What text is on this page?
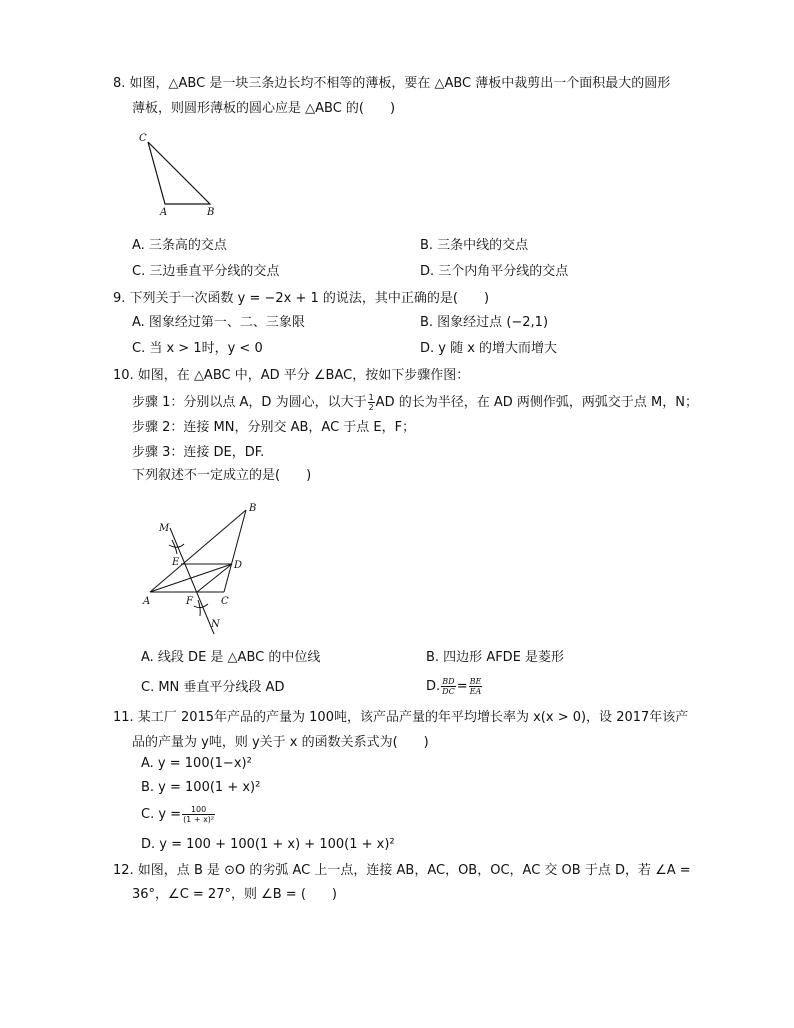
8. 如图，△ABC 是一块三条边长均不相等的薄板，要在 △ABC 薄板中裁剪出一个面积最大的圆形
薄板，则圆形薄板的圆心应是 △ABC 的(　　)
C
A	B
A. 三条高的交点	B. 三条中线的交点
C. 三边垂直平分线的交点	D. 三个内角平分线的交点
9. 下列关于一次函数 y = −2x + 1 的说法，其中正确的是(　　)
A. 图象经过第一、二、三象限	B. 图象经过点 (−2,1)
C. 当 x > 1时，y < 0	D. y 随 x 的增大而增大
10. 如图，在 △ABC 中，AD 平分 ∠BAC，按如下步骤作图：
步骤 1：分别以点 A，D 为圆心，以大于 $\frac{1}{2}$ AD 的长为半径，在 AD 两侧作弧，两弧交于点 M，N；
步骤 2：连接 MN，分别交 AB，AC 于点 E，F；
步骤 3：连接 DE，DF.
下列叙述不一定成立的是(　　)
B
M
E	D
A	F	C
N
A. 线段 DE 是 △ABC 的中位线	B. 四边形 AFDE 是菱形
C. MN 垂直平分线段 AD	D. $\frac{BD}{DC} = \frac{BE}{EA}$
11. 某工厂 2015年产品的产量为 100吨，该产品产量的年平均增长率为 x(x > 0)，设 2017年该产
品的产量为 y吨，则 y关于 x 的函数关系式为(　　)
A. y = 100(1−x)²
B. y = 100(1 + x)²
C. $y = \frac{100}{\text{(1 + x)²}}$
D. y = 100 + 100(1 + x) + 100(1 + x)²
12. 如图，点 B 是 ⊙O 的劣弧 AC 上一点，连接 AB，AC，OB，OC，AC 交 OB 于点 D，若 ∠A =
36°，∠C = 27°，则 ∠B = (　　)
